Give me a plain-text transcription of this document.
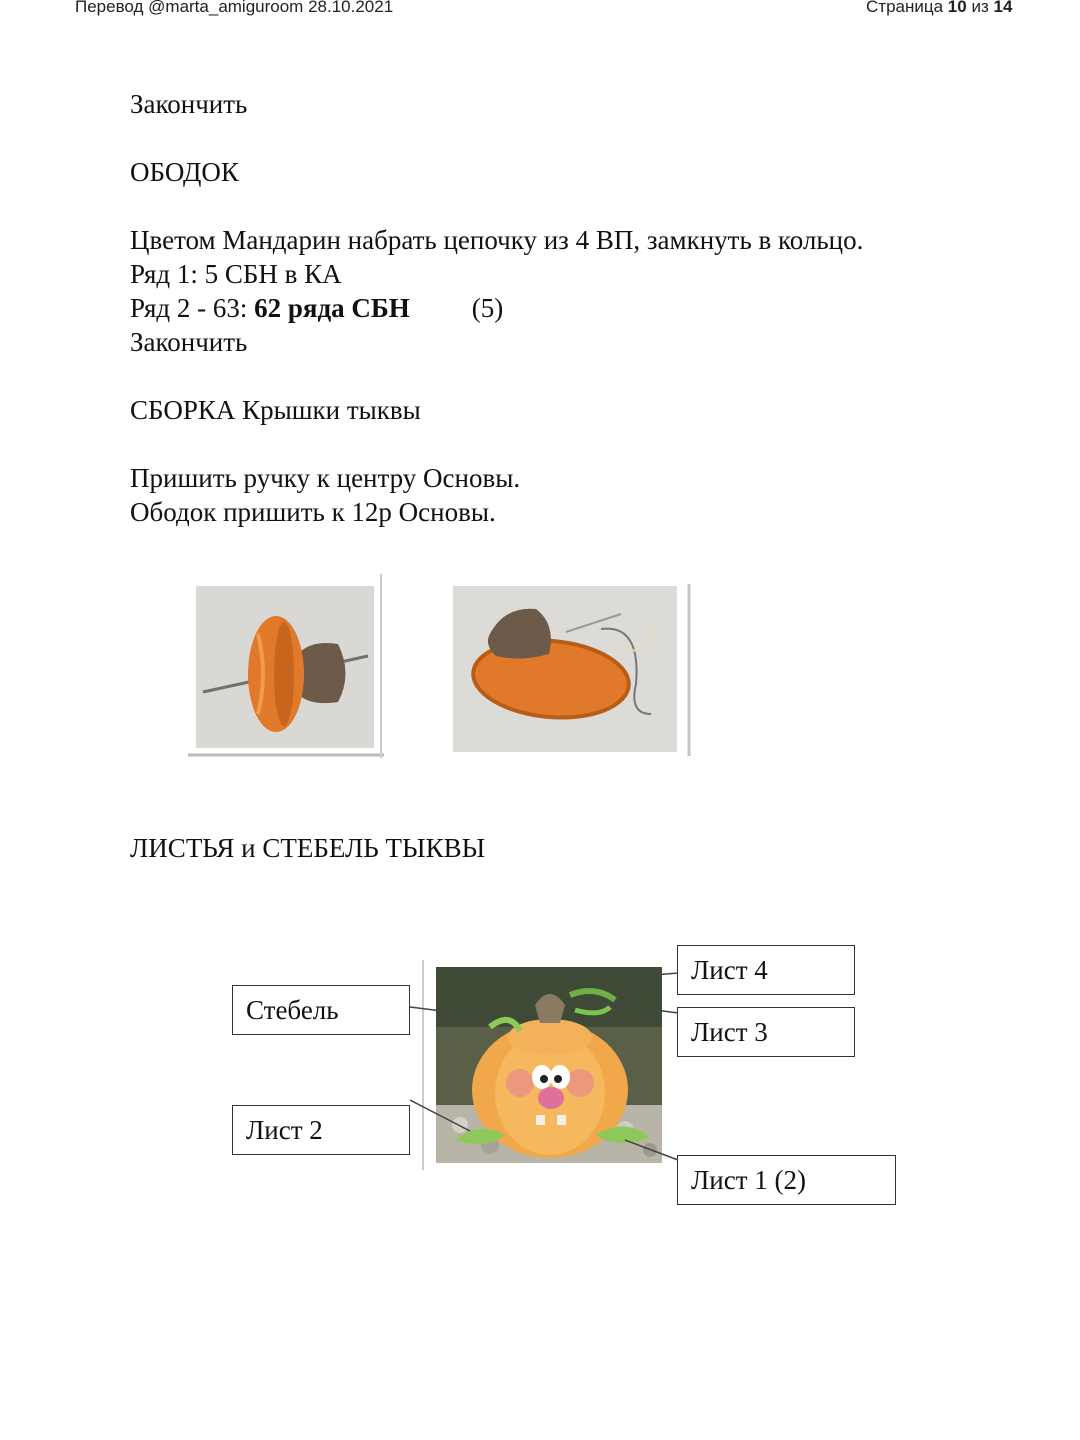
Перевод @marta_amiguroom 28.10.2021	Страница 10 из 14
Закончить
ОБОДОК
Цветом Мандарин набрать цепочку из 4 ВП, замкнуть в кольцо.
Ряд 1: 5 СБН в КА
Ряд 2 - 63: 62 ряда СБН (5)
Закончить
СБОРКА Крышки тыквы
Пришить ручку к центру Основы.
Ободок пришить к 12р Основы.
ЛИСТЬЯ и СТЕБЕЛЬ ТЫКВЫ
Стебель
Лист 2
Лист 4
Лист 3
Лист 1 (2)
